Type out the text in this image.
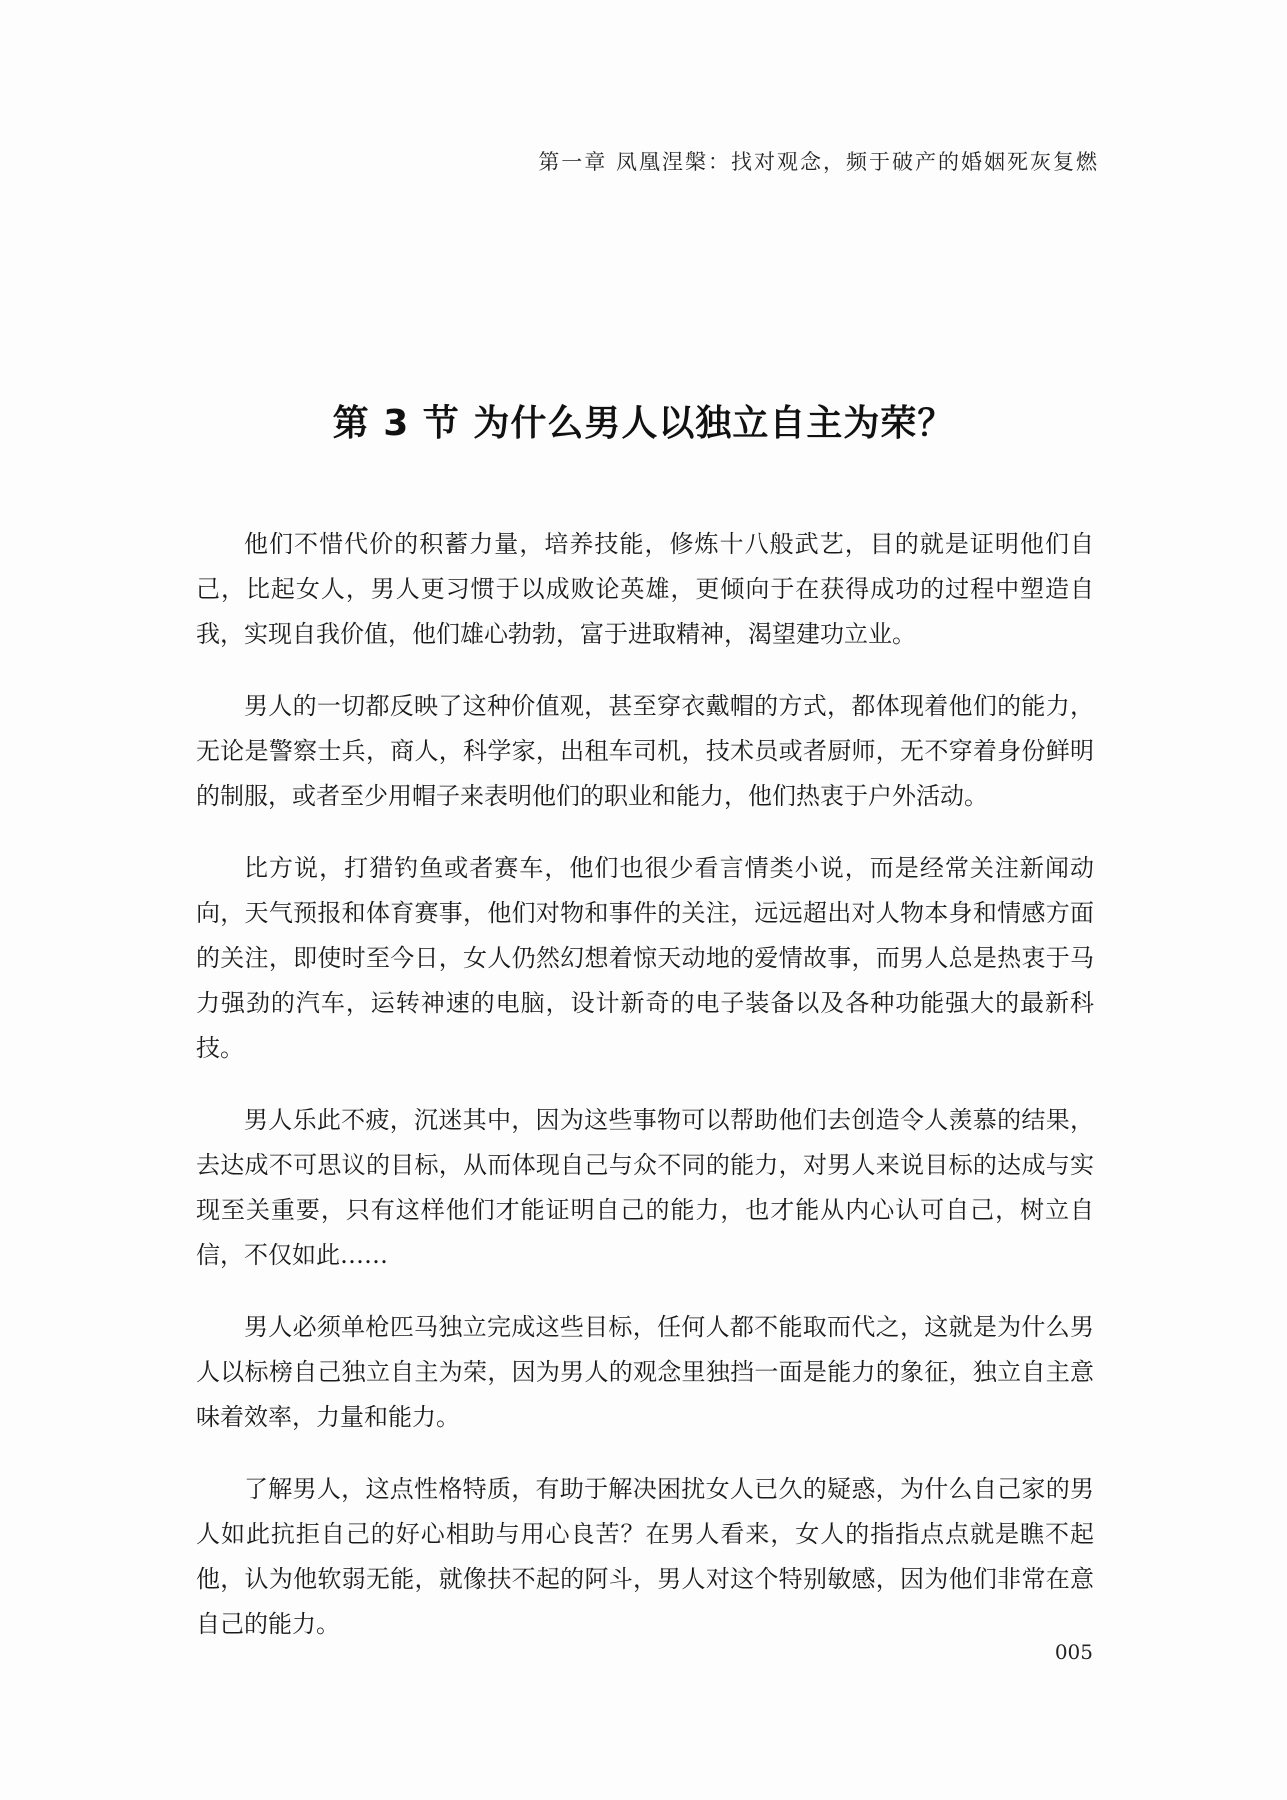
第一章 凤凰涅槃：找对观念，频于破产的婚姻死灰复燃
第 3 节 为什么男人以独立自主为荣？

他们不惜代价的积蓄力量，培养技能，修炼十八般武艺，目的就是证明他们自己，比起女人，男人更习惯于以成败论英雄，更倾向于在获得成功的过程中塑造自我，实现自我价值，他们雄心勃勃，富于进取精神，渴望建功立业。

男人的一切都反映了这种价值观，甚至穿衣戴帽的方式，都体现着他们的能力，无论是警察士兵，商人，科学家，出租车司机，技术员或者厨师，无不穿着身份鲜明的制服，或者至少用帽子来表明他们的职业和能力，他们热衷于户外活动。

比方说，打猎钓鱼或者赛车，他们也很少看言情类小说，而是经常关注新闻动向，天气预报和体育赛事，他们对物和事件的关注，远远超出对人物本身和情感方面的关注，即使时至今日，女人仍然幻想着惊天动地的爱情故事，而男人总是热衷于马力强劲的汽车，运转神速的电脑，设计新奇的电子装备以及各种功能强大的最新科技。

男人乐此不疲，沉迷其中，因为这些事物可以帮助他们去创造令人羡慕的结果，去达成不可思议的目标，从而体现自己与众不同的能力，对男人来说目标的达成与实现至关重要，只有这样他们才能证明自己的能力，也才能从内心认可自己，树立自信，不仅如此……

男人必须单枪匹马独立完成这些目标，任何人都不能取而代之，这就是为什么男人以标榜自己独立自主为荣，因为男人的观念里独挡一面是能力的象征，独立自主意味着效率，力量和能力。

了解男人，这点性格特质，有助于解决困扰女人已久的疑惑，为什么自己家的男人如此抗拒自己的好心相助与用心良苦？在男人看来，女人的指指点点就是瞧不起他，认为他软弱无能，就像扶不起的阿斗，男人对这个特别敏感，因为他们非常在意自己的能力。

005
